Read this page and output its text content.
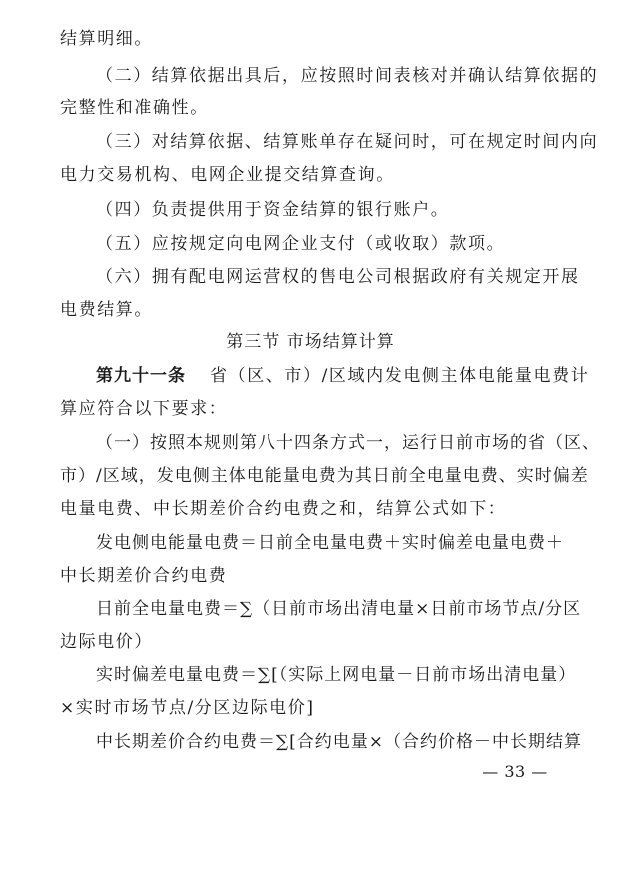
结算明细。
（二）结算依据出具后，应按照时间表核对并确认结算依据的
完整性和准确性。
（三）对结算依据、结算账单存在疑问时，可在规定时间内向
电力交易机构、电网企业提交结算查询。
（四）负责提供用于资金结算的银行账户。
（五）应按规定向电网企业支付（或收取）款项。
（六）拥有配电网运营权的售电公司根据政府有关规定开展
电费结算。
第三节 市场结算计算
第九十一条 省（区、市）/区域内发电侧主体电能量电费计
算应符合以下要求：
（一）按照本规则第八十四条方式一，运行日前市场的省（区、
市）/区域，发电侧主体电能量电费为其日前全电量电费、实时偏差
电量电费、中长期差价合约电费之和，结算公式如下：
发电侧电能量电费＝日前全电量电费＋实时偏差电量电费＋
中长期差价合约电费
日前全电量电费＝∑（日前市场出清电量×日前市场节点/分区
边际电价）
实时偏差电量电费＝∑[（实际上网电量－日前市场出清电量）
×实时市场节点/分区边际电价]
中长期差价合约电费＝∑[合约电量×（合约价格－中长期结算
— 33 —
